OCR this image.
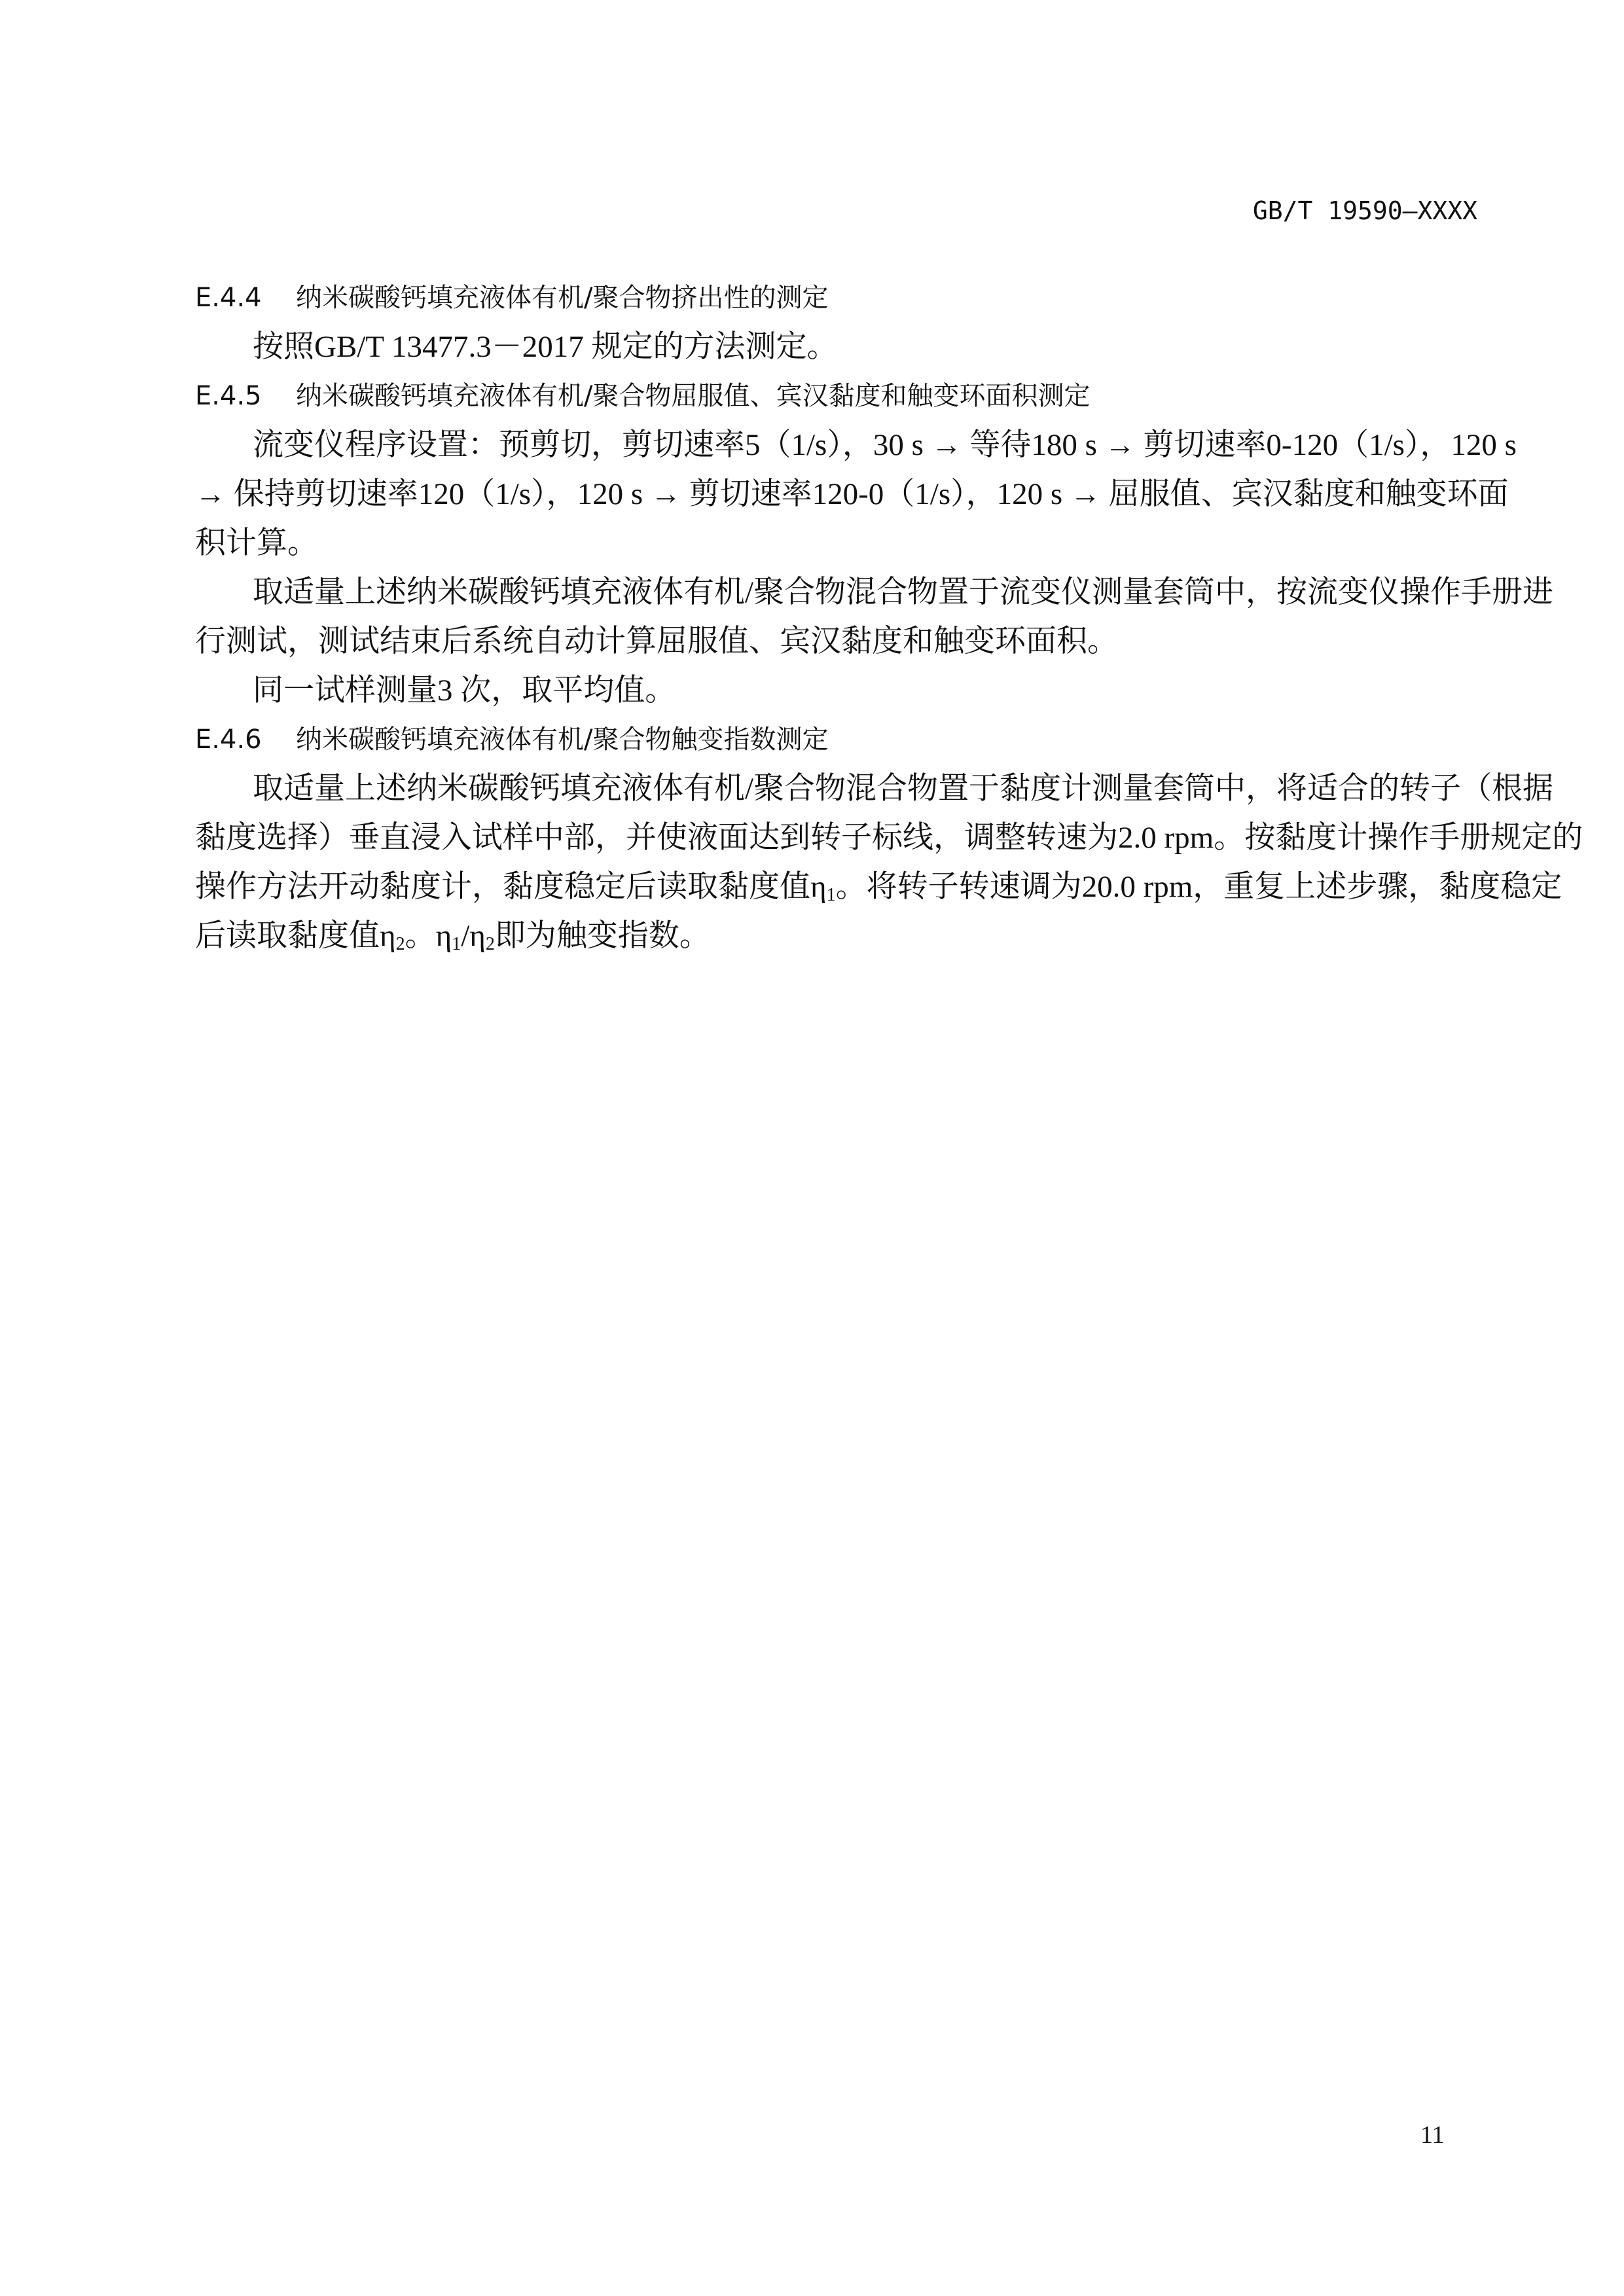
GB/T 19590—XXXX
E.4.4 纳米碳酸钙填充液体有机/聚合物挤出性的测定
按照GB/T 13477.3－2017 规定的方法测定。
E.4.5 纳米碳酸钙填充液体有机/聚合物屈服值、宾汉黏度和触变环面积测定
流变仪程序设置：预剪切，剪切速率5（1/s），30 s → 等待180 s → 剪切速率0-120（1/s），120 s
→ 保持剪切速率120（1/s），120 s → 剪切速率120-0（1/s），120 s → 屈服值、宾汉黏度和触变环面
积计算。
取适量上述纳米碳酸钙填充液体有机/聚合物混合物置于流变仪测量套筒中，按流变仪操作手册进
行测试，测试结束后系统自动计算屈服值、宾汉黏度和触变环面积。
同一试样测量3 次，取平均值。
E.4.6 纳米碳酸钙填充液体有机/聚合物触变指数测定
取适量上述纳米碳酸钙填充液体有机/聚合物混合物置于黏度计测量套筒中，将适合的转子（根据
黏度选择）垂直浸入试样中部，并使液面达到转子标线，调整转速为2.0 rpm。按黏度计操作手册规定的
操作方法开动黏度计，黏度稳定后读取黏度值$\eta_1$。将转子转速调为20.0 rpm，重复上述步骤，黏度稳定
后读取黏度值$\eta_2$。$\eta_1/\eta_2$即为触变指数。
11
